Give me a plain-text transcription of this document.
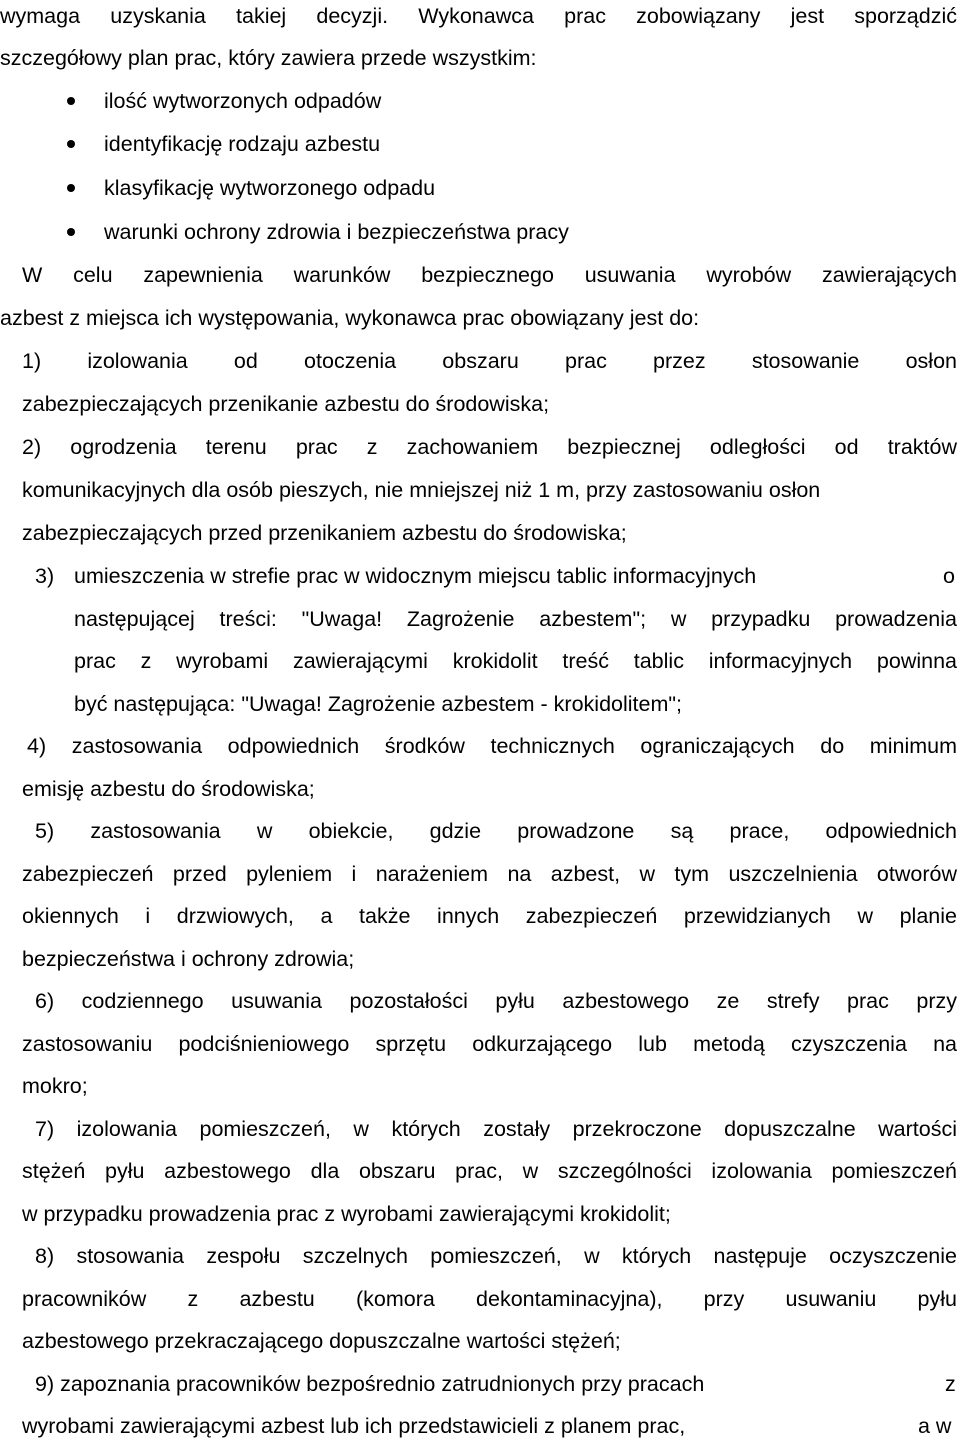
wymaga uzyskania takiej decyzji. Wykonawca prac zobowiązany jest sporządzić
szczegółowy plan prac, który zawiera przede wszystkim:
ilość wytworzonych odpadów
identyfikację rodzaju azbestu
klasyfikację wytworzonego odpadu
warunki ochrony zdrowia i bezpieczeństwa pracy
W celu zapewnienia warunków bezpiecznego usuwania wyrobów zawierających
azbest z miejsca ich występowania, wykonawca prac obowiązany jest do:
1) izolowania od otoczenia obszaru prac przez stosowanie osłon
zabezpieczających przenikanie azbestu do środowiska;
2) ogrodzenia terenu prac z zachowaniem bezpiecznej odległości od traktów
komunikacyjnych dla osób pieszych, nie mniejszej niż 1 m, przy zastosowaniu osłon
zabezpieczających przed przenikaniem azbestu do środowiska;
3) umieszczenia w strefie prac w widocznym miejscu tablic informacyjnych	o
następującej treści: "Uwaga! Zagrożenie azbestem"; w przypadku prowadzenia
prac z wyrobami zawierającymi krokidolit treść tablic informacyjnych powinna
być następująca: "Uwaga! Zagrożenie azbestem - krokidolitem";
4) zastosowania odpowiednich środków technicznych ograniczających do minimum
emisję azbestu do środowiska;
5) zastosowania w obiekcie, gdzie prowadzone są prace, odpowiednich
zabezpieczeń przed pyleniem i narażeniem na azbest, w tym uszczelnienia otworów
okiennych i drzwiowych, a także innych zabezpieczeń przewidzianych w planie
bezpieczeństwa i ochrony zdrowia;
6) codziennego usuwania pozostałości pyłu azbestowego ze strefy prac przy
zastosowaniu podciśnieniowego sprzętu odkurzającego lub metodą czyszczenia na
mokro;
7) izolowania pomieszczeń, w których zostały przekroczone dopuszczalne wartości
stężeń pyłu azbestowego dla obszaru prac, w szczególności izolowania pomieszczeń
w przypadku prowadzenia prac z wyrobami zawierającymi krokidolit;
8) stosowania zespołu szczelnych pomieszczeń, w których następuje oczyszczenie
pracowników z azbestu (komora dekontaminacyjna), przy usuwaniu pyłu
azbestowego przekraczającego dopuszczalne wartości stężeń;
9) zapoznania pracowników bezpośrednio zatrudnionych przy pracach	z
wyrobami zawierającymi azbest lub ich przedstawicieli z planem prac,	a w
